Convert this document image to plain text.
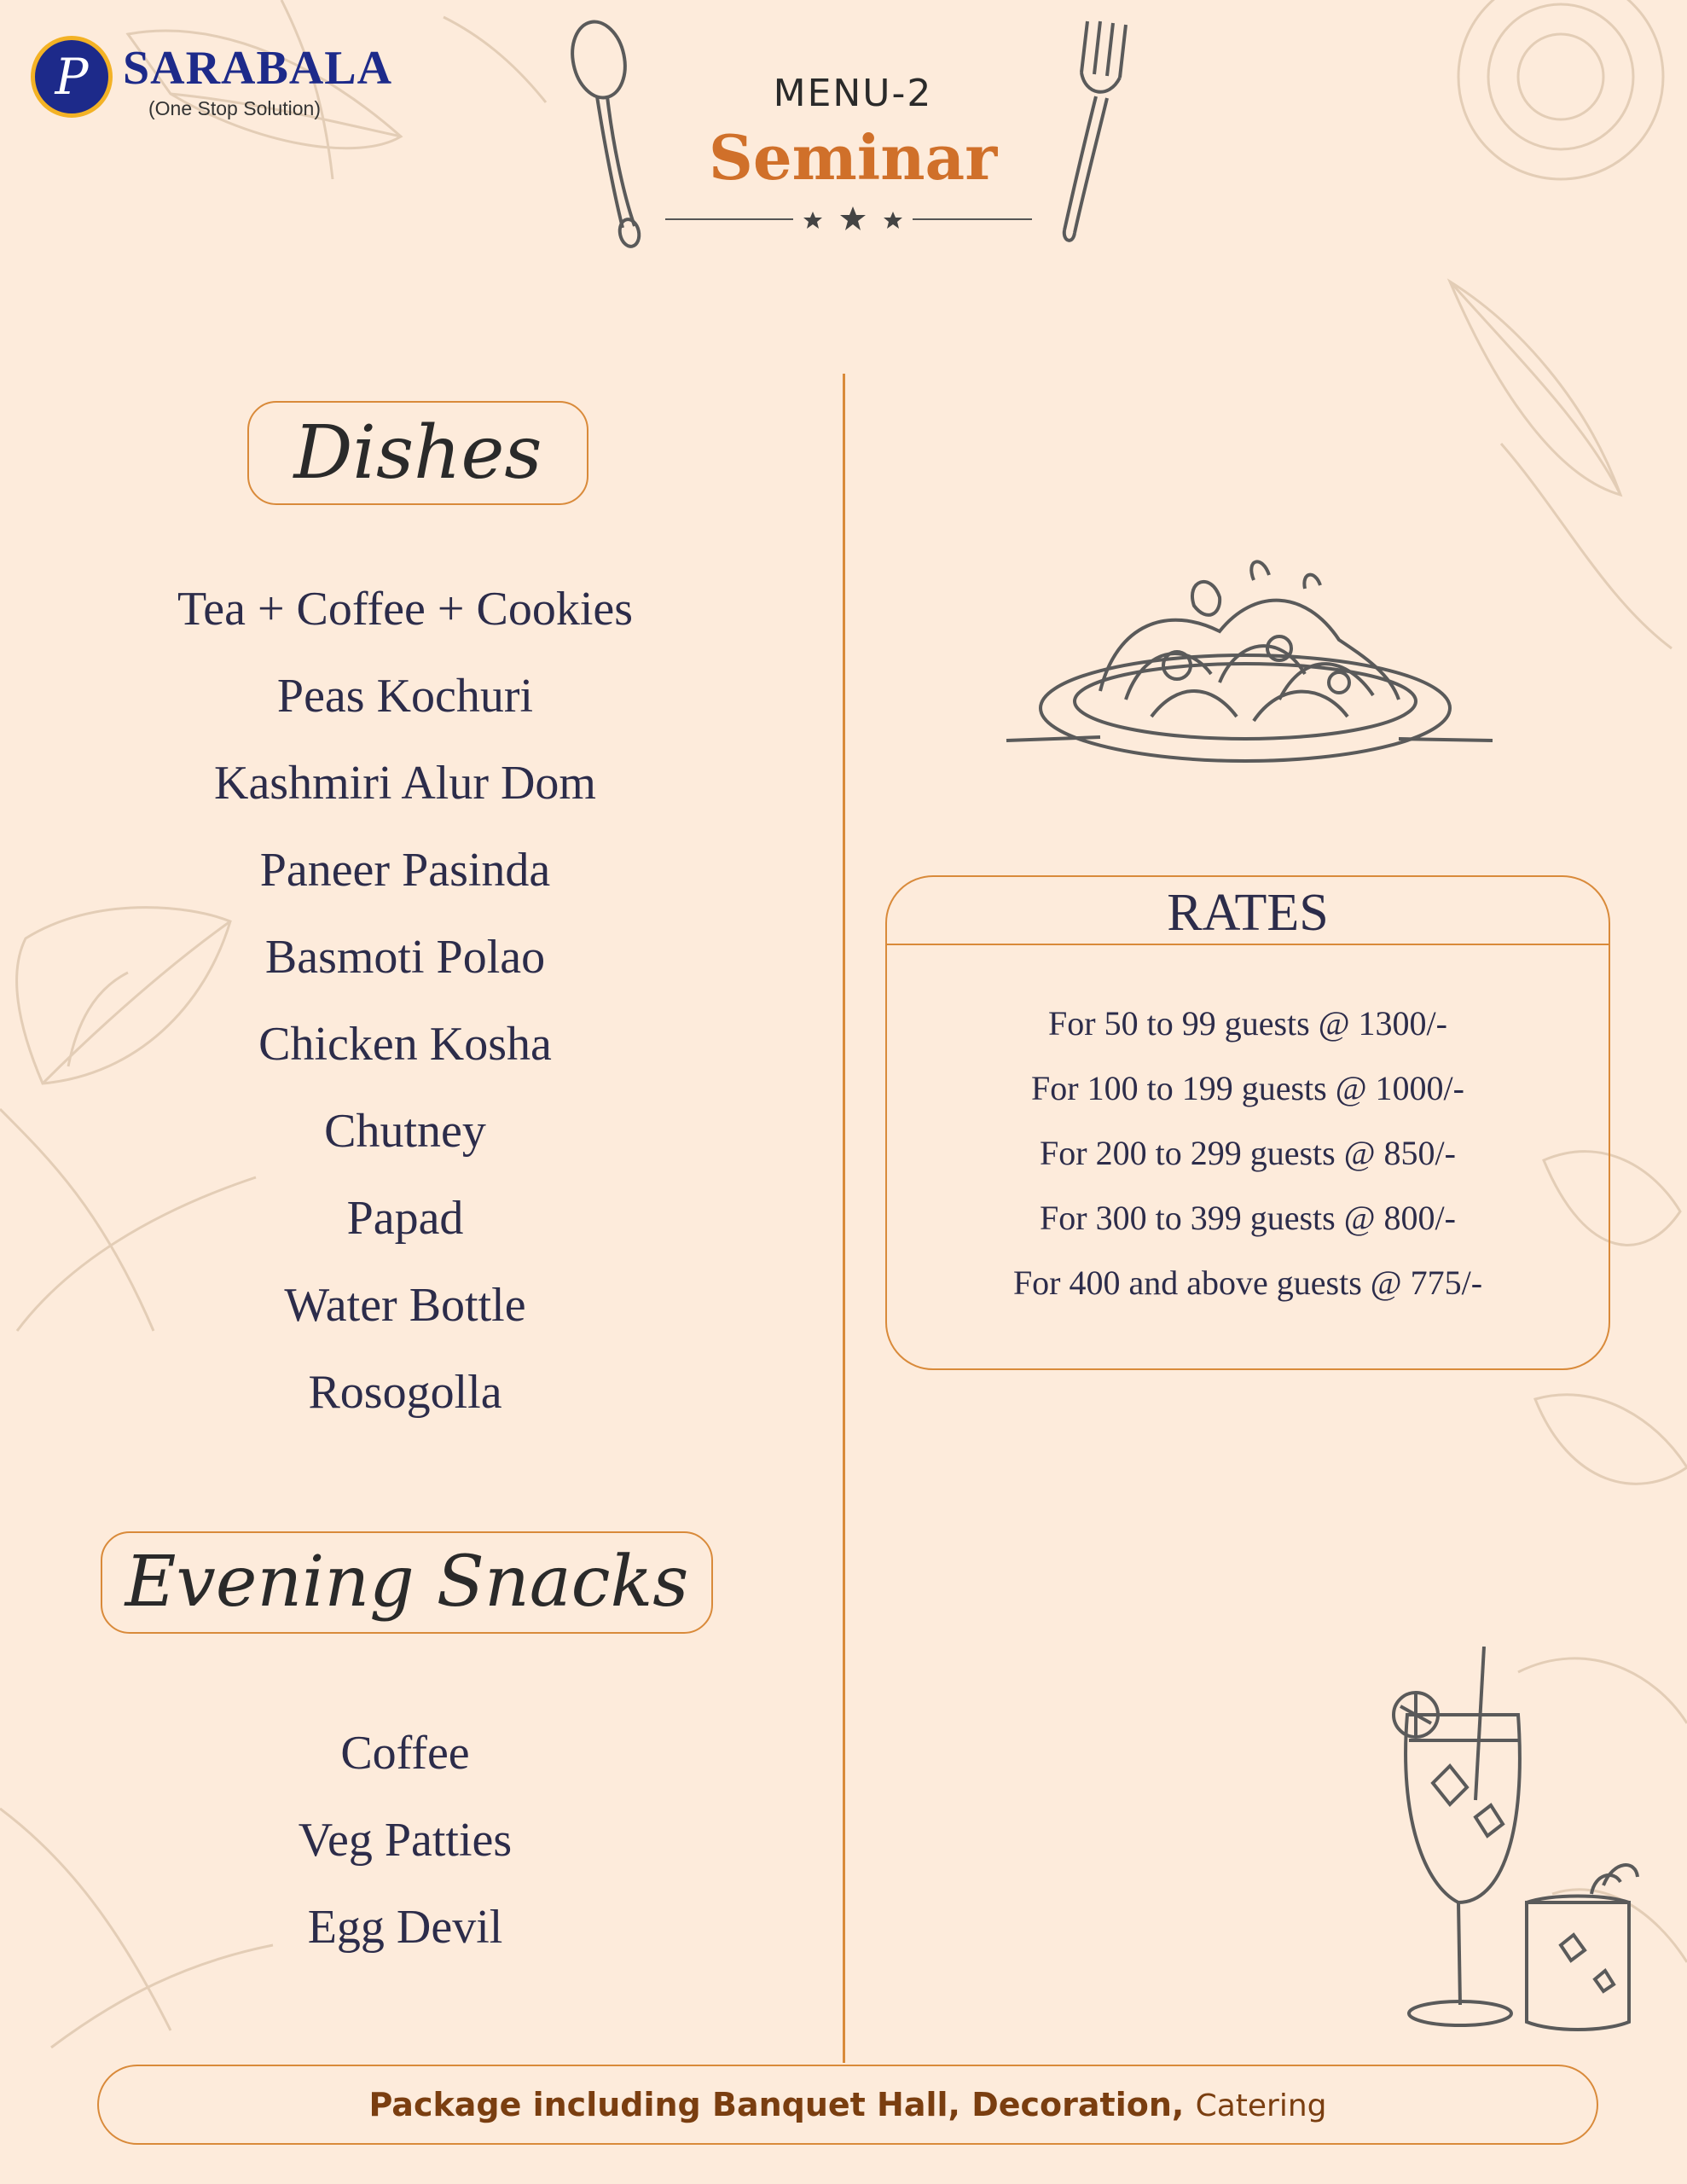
P SARABALA
(One Stop Solution)	MENU-2
Seminar
Dishes
Tea + Coffee + Cookies
Peas Kochuri
Kashmiri Alur Dom
Paneer Pasinda
Basmoti Polao
Chicken Kosha
Chutney
Papad
Water Bottle
Rosogolla
Evening Snacks
Coffee
Veg Patties
Egg Devil
RATES
For 50 to 99 guests @ 1300/-
For 100 to 199 guests @ 1000/-
For 200 to 299 guests @ 850/-
For 300 to 399 guests @ 800/-
For 400 and above guests @ 775/-
Package including Banquet Hall, Decoration, Catering
